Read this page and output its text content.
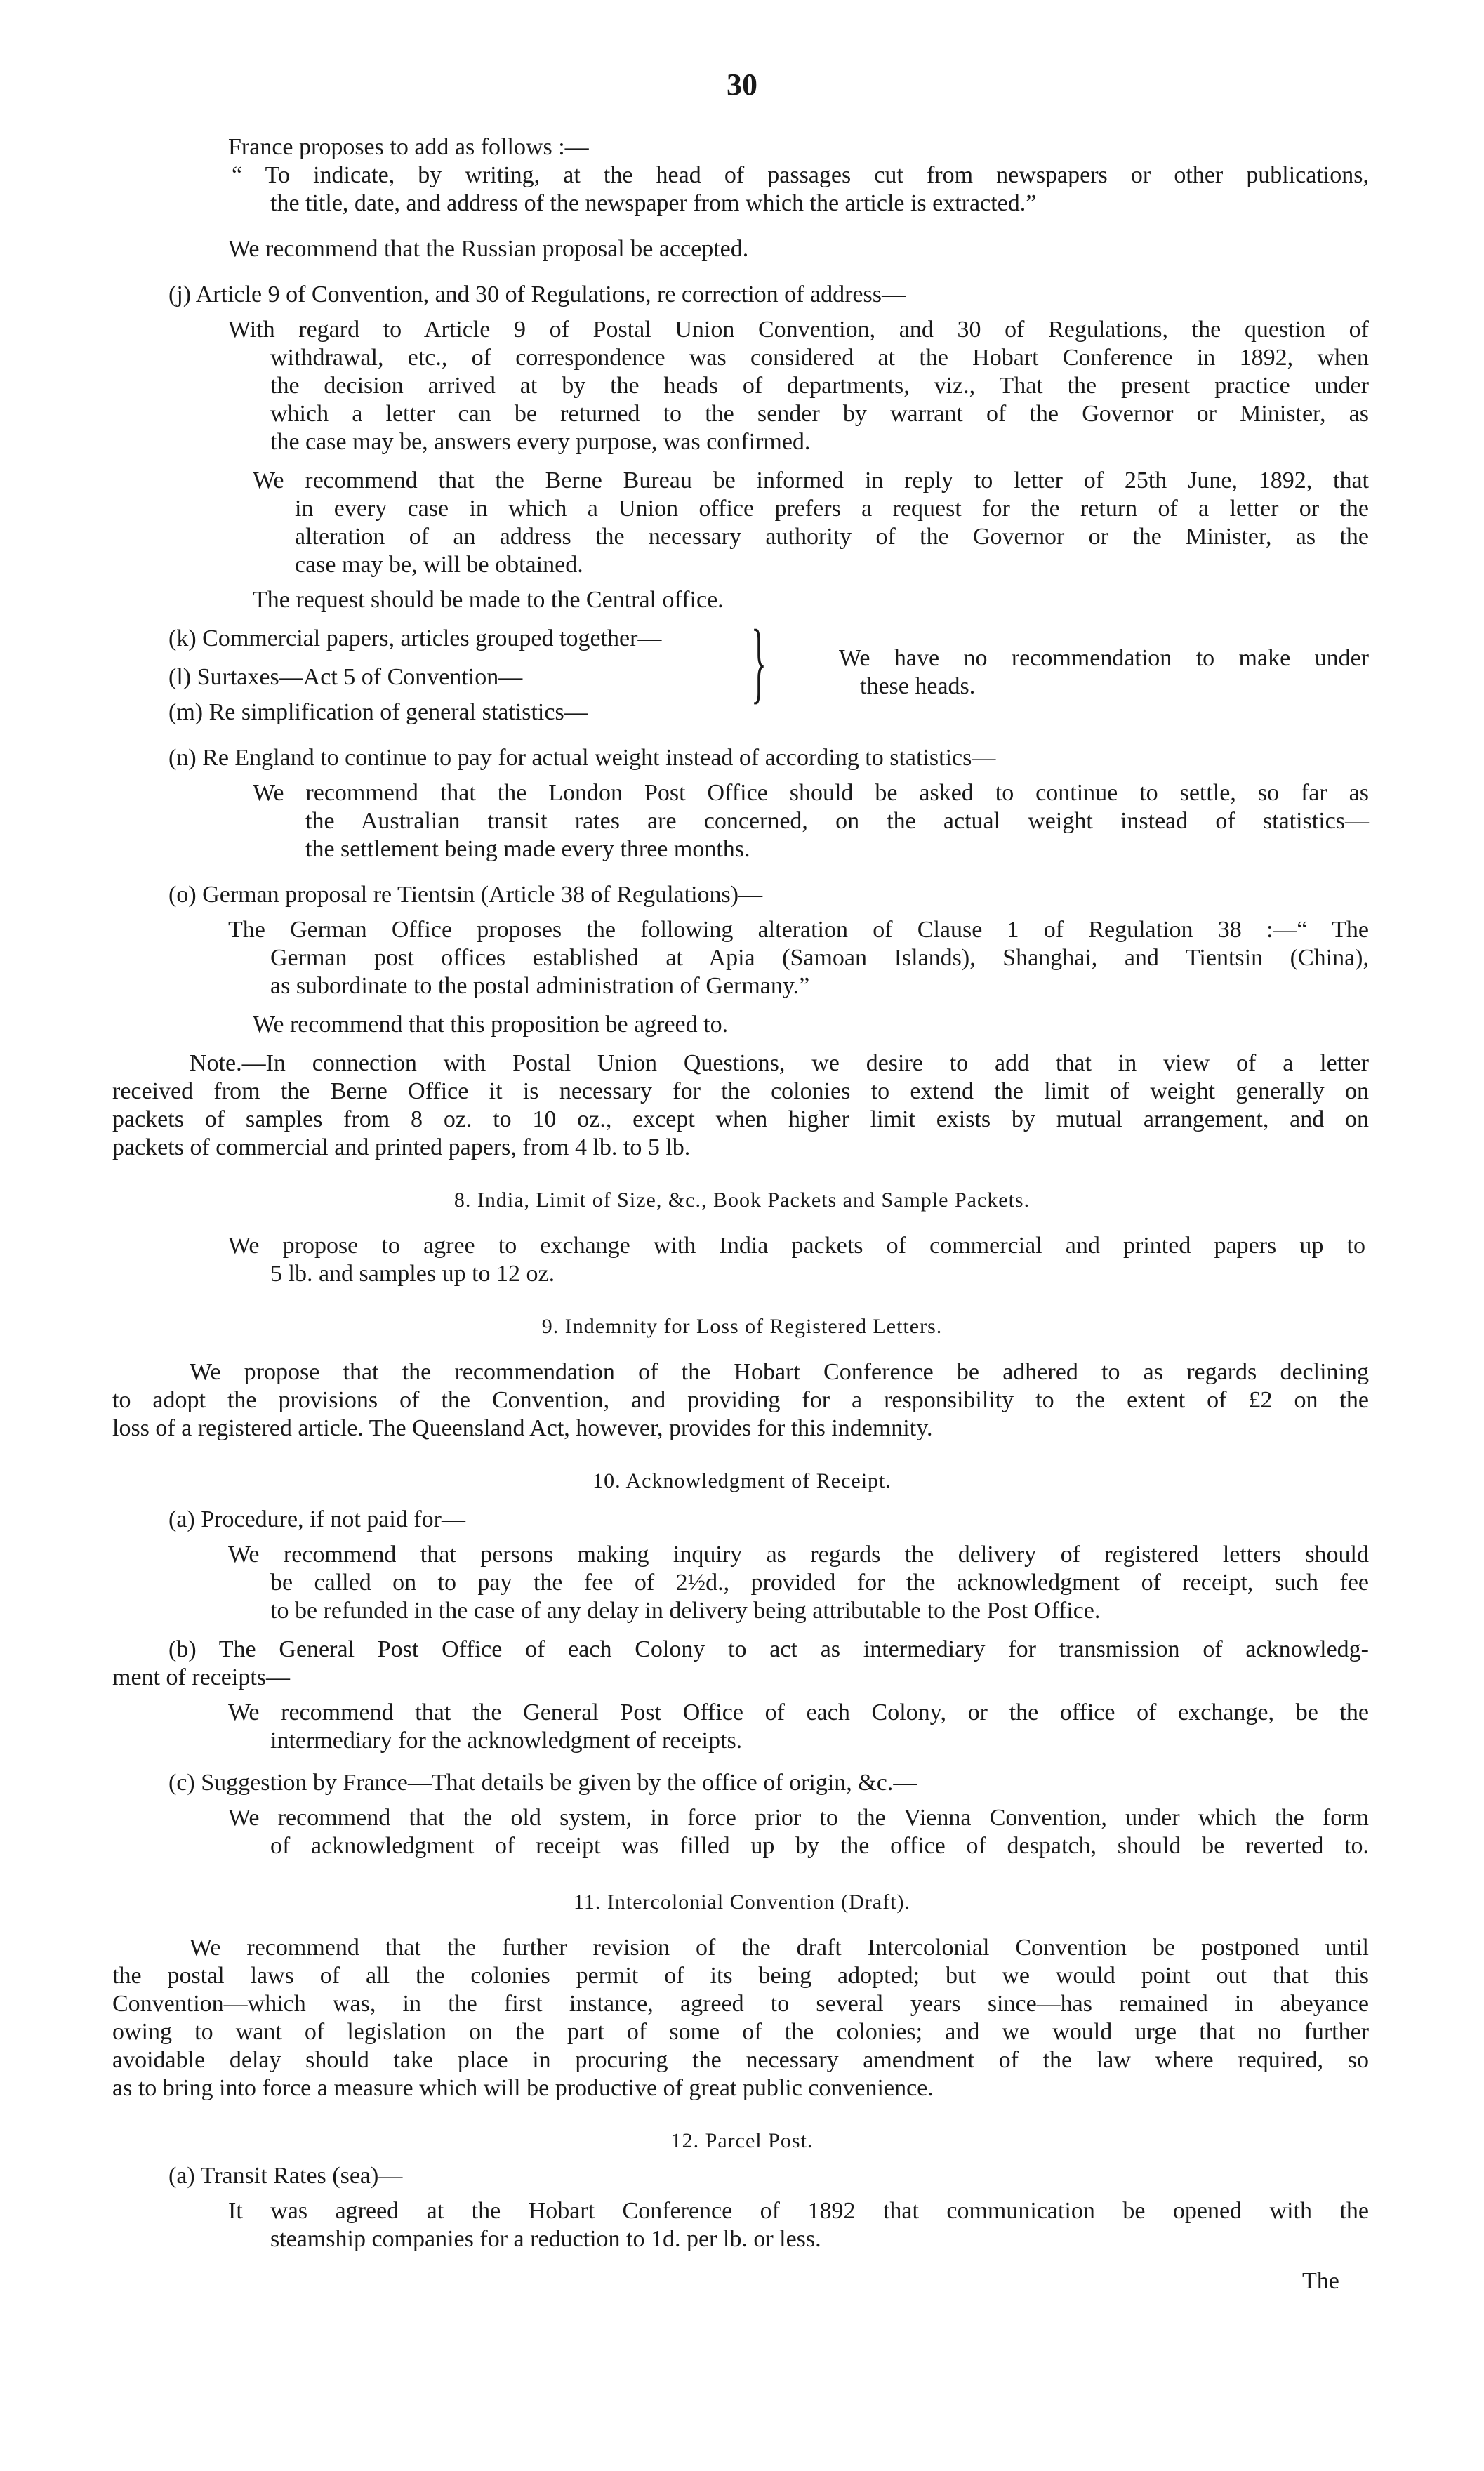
30
France proposes to add as follows :—
“ To indicate, by writing, at the head of passages cut from newspapers or other publications,
the title, date, and address of the newspaper from which the article is extracted.”
We recommend that the Russian proposal be accepted.
(j) Article 9 of Convention, and 30 of Regulations, re correction of address—
With regard to Article 9 of Postal Union Convention, and 30 of Regulations, the question of
withdrawal, etc., of correspondence was considered at the Hobart Conference in 1892, when
the decision arrived at by the heads of departments, viz., That the present practice under
which a letter can be returned to the sender by warrant of the Governor or Minister, as
the case may be, answers every purpose, was confirmed.
We recommend that the Berne Bureau be informed in reply to letter of 25th June, 1892, that
in every case in which a Union office prefers a request for the return of a letter or the
alteration of an address the necessary authority of the Governor or the Minister, as the
case may be, will be obtained.
The request should be made to the Central office.
(k) Commercial papers, articles grouped together—
(l) Surtaxes—Act 5 of Convention—
(m) Re simplification of general statistics— }	We have no recommendation to make under
these heads.
(n) Re England to continue to pay for actual weight instead of according to statistics—
We recommend that the London Post Office should be asked to continue to settle, so far as
the Australian transit rates are concerned, on the actual weight instead of statistics—
the settlement being made every three months.
(o) German proposal re Tientsin (Article 38 of Regulations)—
The German Office proposes the following alteration of Clause 1 of Regulation 38 :—“ The
German post offices established at Apia (Samoan Islands), Shanghai, and Tientsin (China),
as subordinate to the postal administration of Germany.”
We recommend that this proposition be agreed to.
Note.—In connection with Postal Union Questions, we desire to add that in view of a letter
received from the Berne Office it is necessary for the colonies to extend the limit of weight generally on
packets of samples from 8 oz. to 10 oz., except when higher limit exists by mutual arrangement, and on
packets of commercial and printed papers, from 4 lb. to 5 lb.
8. India, Limit of Size, &c., Book Packets and Sample Packets.
We propose to agree to exchange with India packets of commercial and printed papers up to
5 lb. and samples up to 12 oz.
9. Indemnity for Loss of Registered Letters.
We propose that the recommendation of the Hobart Conference be adhered to as regards declining
to adopt the provisions of the Convention, and providing for a responsibility to the extent of £2 on the
loss of a registered article. The Queensland Act, however, provides for this indemnity.
10. Acknowledgment of Receipt.
(a) Procedure, if not paid for—
We recommend that persons making inquiry as regards the delivery of registered letters should
be called on to pay the fee of 2½d., provided for the acknowledgment of receipt, such fee
to be refunded in the case of any delay in delivery being attributable to the Post Office.
(b) The General Post Office of each Colony to act as intermediary for transmission of acknowledg-
ment of receipts—
We recommend that the General Post Office of each Colony, or the office of exchange, be the
intermediary for the acknowledgment of receipts.
(c) Suggestion by France—That details be given by the office of origin, &c.—
We recommend that the old system, in force prior to the Vienna Convention, under which the form
of acknowledgment of receipt was filled up by the office of despatch, should be reverted to.
11. Intercolonial Convention (Draft).
We recommend that the further revision of the draft Intercolonial Convention be postponed until
the postal laws of all the colonies permit of its being adopted; but we would point out that this
Convention—which was, in the first instance, agreed to several years since—has remained in abeyance
owing to want of legislation on the part of some of the colonies; and we would urge that no further
avoidable delay should take place in procuring the necessary amendment of the law where required, so
as to bring into force a measure which will be productive of great public convenience.
12. Parcel Post.
(a) Transit Rates (sea)—
It was agreed at the Hobart Conference of 1892 that communication be opened with the
steamship companies for a reduction to 1d. per lb. or less.
The
